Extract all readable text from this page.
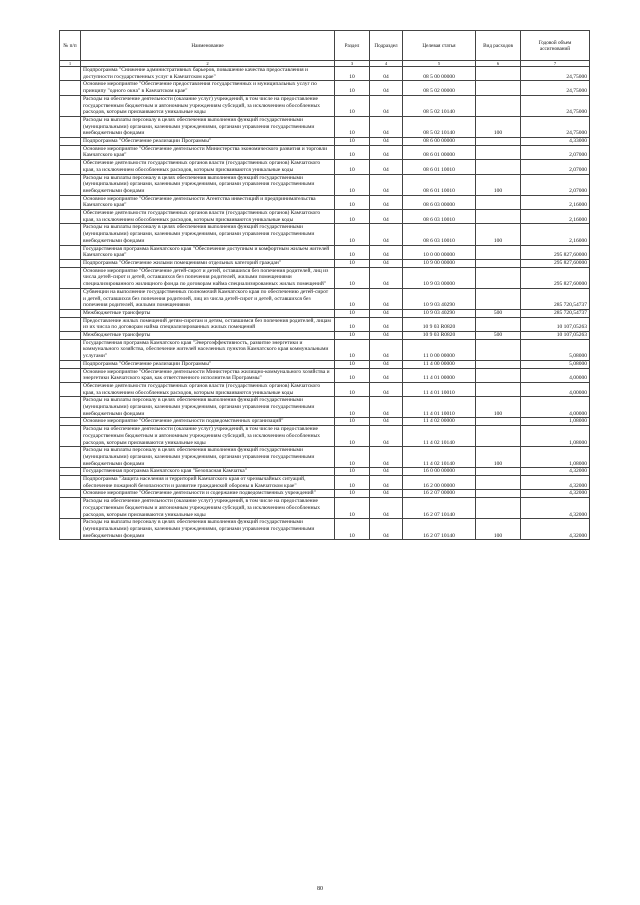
№ п/п	Наименование	Раздел	Подраздел	Целевая статья	Вид расходов	Годовой объем ассигнований
1	2	3	4	5	6	7
	Подпрограмма "Снижение административных барьеров, повышение качества предоставления и доступности государственных услуг в Камчатском крае"	10	04	08 5 00 00000		24,75000
	Основное мероприятие "Обеспечение предоставления государственных и муниципальных услуг по принципу "одного окна" в Камчатском крае"	10	04	08 5 02 00000		24,75000
	Расходы на обеспечение деятельности (оказание услуг) учреждений, в том числе на предоставление государственным бюджетным и автономным учреждениям субсидий, за исключением обособленных расходов, которым присваиваются уникальные коды	10	04	08 5 02 10140		24,75000
	Расходы на выплаты персоналу в целях обеспечения выполнения функций государственными (муниципальными) органами, казенными учреждениями, органами управления государственными внебюджетными фондами	10	04	08 5 02 10140	100	24,75000
	Подпрограмма "Обеспечение реализации Программы"	10	04	08 6 00 00000		4,33000
	Основное мероприятие "Обеспечение деятельности Министерства экономического развития и торговли Камчатского края"	10	04	08 6 01 00000		2,07000
	Обеспечение деятельности государственных органов власти (государственных органов) Камчатского края, за исключением обособленных расходов, которым присваиваются уникальные коды	10	04	08 6 01 10010		2,07000
	Расходы на выплаты персоналу в целях обеспечения выполнения функций государственными (муниципальными) органами, казенными учреждениями, органами управления государственными внебюджетными фондами	10	04	08 6 01 10010	100	2,07000
	Основное мероприятие "Обеспечение деятельности Агентства инвестиций и предпринимательства Камчатского края"	10	04	08 6 03 00000		2,16000
	Обеспечение деятельности государственных органов власти (государственных органов) Камчатского края, за исключением обособленных расходов, которым присваиваются уникальные коды	10	04	08 6 03 10010		2,16000
	Расходы на выплаты персоналу в целях обеспечения выполнения функций государственными (муниципальными) органами, казенными учреждениями, органами управления государственными внебюджетными фондами	10	04	08 6 03 10010	100	2,16000
	Государственная программа Камчатского края "Обеспечение доступным и комфортным жильем жителей Камчатского края"	10	04	10 0 00 00000		295 827,60000
	Подпрограмма "Обеспечение жилыми помещениями отдельных категорий граждан"	10	04	10 9 00 00000		295 827,60000
	Основное мероприятие "Обеспечение детей-сирот и детей, оставшихся без попечения родителей, лиц из числа детей-сирот и детей, оставшихся без попечения родителей, жилыми помещениями специализированного жилищного фонда по договорам найма специализированных жилых помещений"	10	04	10 9 03 00000		295 827,60000
	Субвенции на выполнение государственных полномочий Камчатского края по обеспечению детей-сирот и детей, оставшихся без попечения родителей, лиц из числа детей-сирот и детей, оставшихся без попечения родителей, жилыми помещениями	10	04	10 9 03 40290		285 720,54737
	Межбюджетные трансферты	10	04	10 9 03 40290	500	285 720,54737
	Предоставление жилых помещений детям-сиротам и детям, оставшимся без попечения родителей, лицам из их числа по договорам найма специализированных жилых помещений	10	04	10 9 03 R0820		10 107,05263
	Межбюджетные трансферты	10	04	10 9 03 R0820	500	10 107,05263
	Государственная программа Камчатского края "Энергоэффективность, развитие энергетики и коммунального хозяйства, обеспечение жителей населенных пунктов Камчатского края коммунальными услугами"	10	04	11 0 00 00000		5,08000
	Подпрограмма "Обеспечение реализации Программы"	10	04	11 4 00 00000		5,08000
	Основное мероприятие "Обеспечение деятельности Министерства жилищно-коммунального хозяйства и энергетики Камчатского края, как ответственного исполнителя Программы"	10	04	11 4 01 00000		4,00000
	Обеспечение деятельности государственных органов власти (государственных органов) Камчатского края, за исключением обособленных расходов, которым присваиваются уникальные коды	10	04	11 4 01 10010		4,00000
	Расходы на выплаты персоналу в целях обеспечения выполнения функций государственными (муниципальными) органами, казенными учреждениями, органами управления государственными внебюджетными фондами	10	04	11 4 01 10010	100	4,00000
	Основное мероприятие "Обеспечение деятельности подведомственных организаций"	10	04	11 4 02 00000		1,08000
	Расходы на обеспечение деятельности (оказание услуг) учреждений, в том числе на предоставление государственным бюджетным и автономным учреждениям субсидий, за исключением обособленных расходов, которым присваиваются уникальные коды	10	04	11 4 02 10140		1,08000
	Расходы на выплаты персоналу в целях обеспечения выполнения функций государственными (муниципальными) органами, казенными учреждениями, органами управления государственными внебюджетными фондами	10	04	11 4 02 10140	100	1,08000
	Государственная программа Камчатского края "Безопасная Камчатка"	10	04	16 0 00 00000		4,32000
	Подпрограмма "Защита населения и территорий Камчатского края от чрезвычайных ситуаций, обеспечение пожарной безопасности и развитие гражданской обороны в Камчатском крае"	10	04	16 2 00 00000		4,32000
	Основное мероприятие "Обеспечение деятельности и содержание подведомственных учреждений"	10	04	16 2 07 00000		4,32000
	Расходы на обеспечение деятельности (оказание услуг) учреждений, в том числе на предоставление государственным бюджетным и автономным учреждениям субсидий, за исключением обособленных расходов, которым присваиваются уникальные коды	10	04	16 2 07 10140		4,32000
	Расходы на выплаты персоналу в целях обеспечения выполнения функций государственными (муниципальными) органами, казенными учреждениями, органами управления государственными внебюджетными фондами	10	04	16 2 07 10140	100	4,32000
80
